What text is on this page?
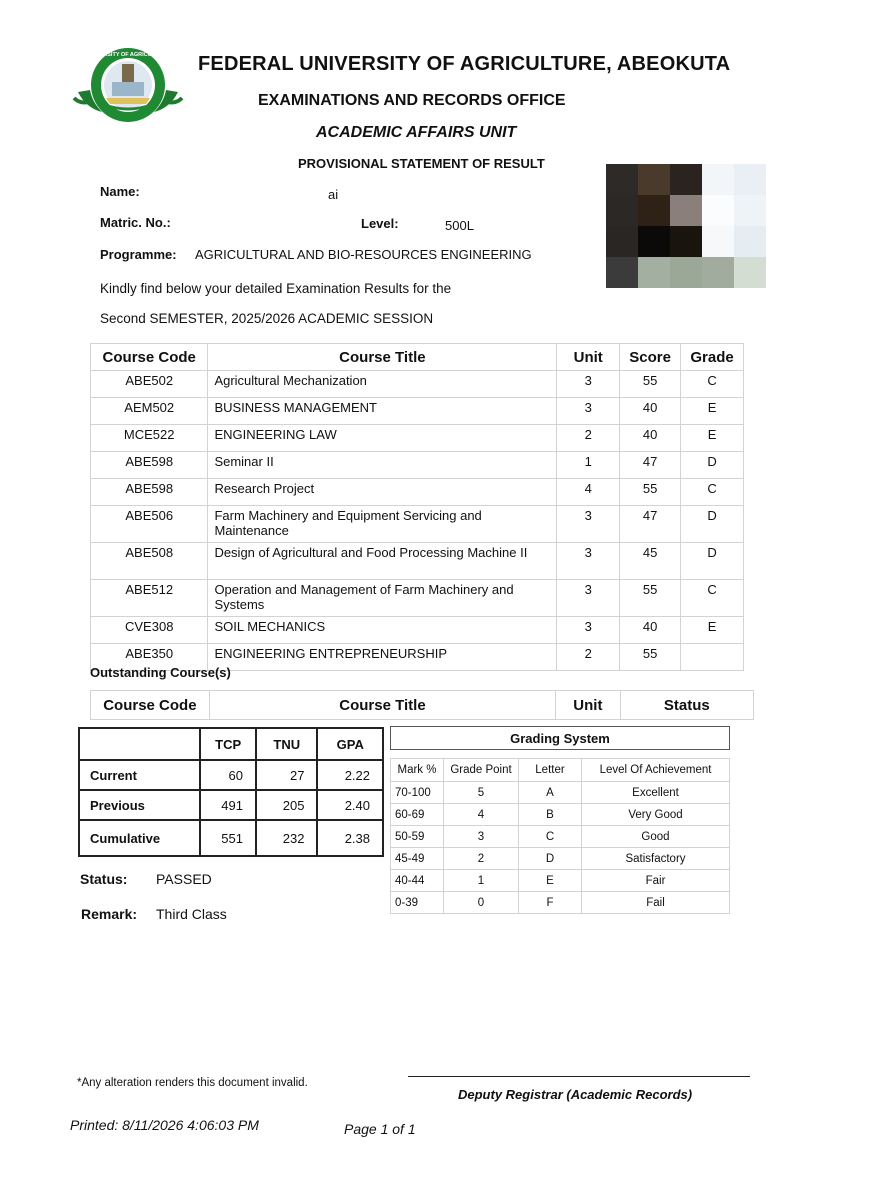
UNIVERSITY OF AGRICULTURE FEDERAL UNIVERSITY OF AGRICULTURE, ABEOKUTA
EXAMINATIONS AND RECORDS OFFICE
ACADEMIC AFFAIRS UNIT
PROVISIONAL STATEMENT OF RESULT
Name:	ai
Matric. No.:	Level:	500L
Programme: AGRICULTURAL AND BIO-RESOURCES ENGINEERING
Kindly find below your detailed Examination Results for the
Second SEMESTER, 2025/2026 ACADEMIC SESSION
Course Code	Course Title	Unit	Score	Grade
ABE502	Agricultural Mechanization	3	55	C
AEM502	BUSINESS MANAGEMENT	3	40	E
MCE522	ENGINEERING LAW	2	40	E
ABE598	Seminar II	1	47	D
ABE598	Research Project	4	55	C
ABE506	Farm Machinery and Equipment Servicing and Maintenance	3	47	D
ABE508	Design of Agricultural and Food Processing Machine II	3	45	D
ABE512	Operation and Management of Farm Machinery and Systems	3	55	C
CVE308	SOIL MECHANICS	3	40	E
ABE350	ENGINEERING ENTREPRENEURSHIP	2	55	
Outstanding Course(s)
Course Code	Course Title	Unit	Status
	TCP	TNU	GPA
Current	60	27	2.22
Previous	491	205	2.40
Cumulative	551	232	2.38
Grading System			

Mark %	Grade Point	Letter	Level Of Achievement
70-100	5	A	Excellent
60-69	4	B	Very Good
50-59	3	C	Good
45-49	2	D	Satisfactory
40-44	1	E	Fair
0-39	0	F	Fail
Status: PASSED
Remark: Third Class
*Any alteration renders this document invalid.
Deputy Registrar (Academic Records)
Printed: 8/11/2026 4:06:03 PM	Page 1 of 1
